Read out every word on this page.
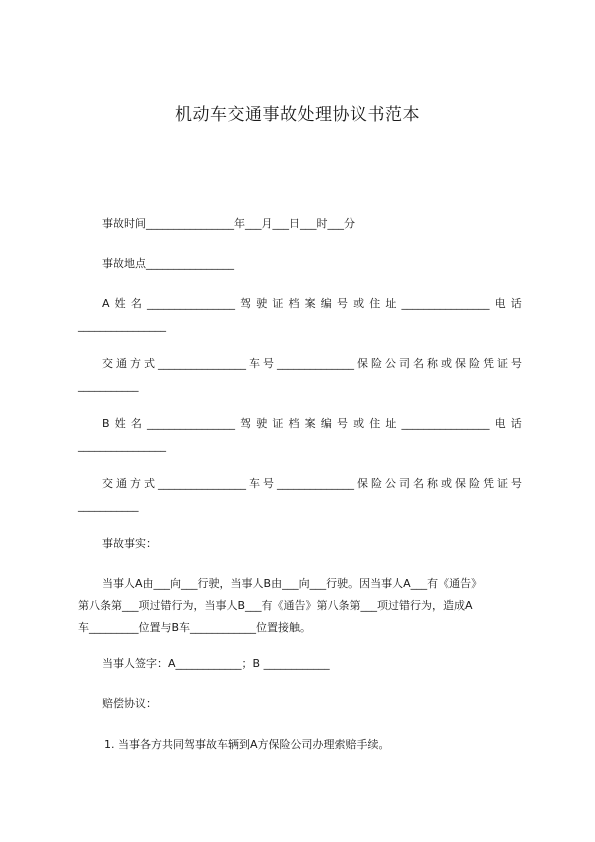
机动车交通事故处理协议书范本
事故时间________________年___月___日___时___分
事故地点________________
A 姓 名 ________________ 驾 驶 证 档 案 编 号 或 住 址 ________________ 电 话
________________
交 通 方 式 ________________ 车 号 ______________ 保 险 公 司 名 称 或 保 险 凭 证 号
___________
B 姓 名 ________________ 驾 驶 证 档 案 编 号 或 住 址 ________________ 电 话
________________
交 通 方 式 ________________ 车 号 ______________ 保 险 公 司 名 称 或 保 险 凭 证 号
___________
事故事实：
当事人A由___向___行驶，当事人B由___向___行驶。因当事人A___有《通告》
第八条第___项过错行为，当事人B___有《通告》第八条第___项过错行为，造成A
车_________位置与B车____________位置接触。
当事人签字：A____________；B ____________
赔偿协议：
1. 当事各方共同驾事故车辆到A方保险公司办理索赔手续。
